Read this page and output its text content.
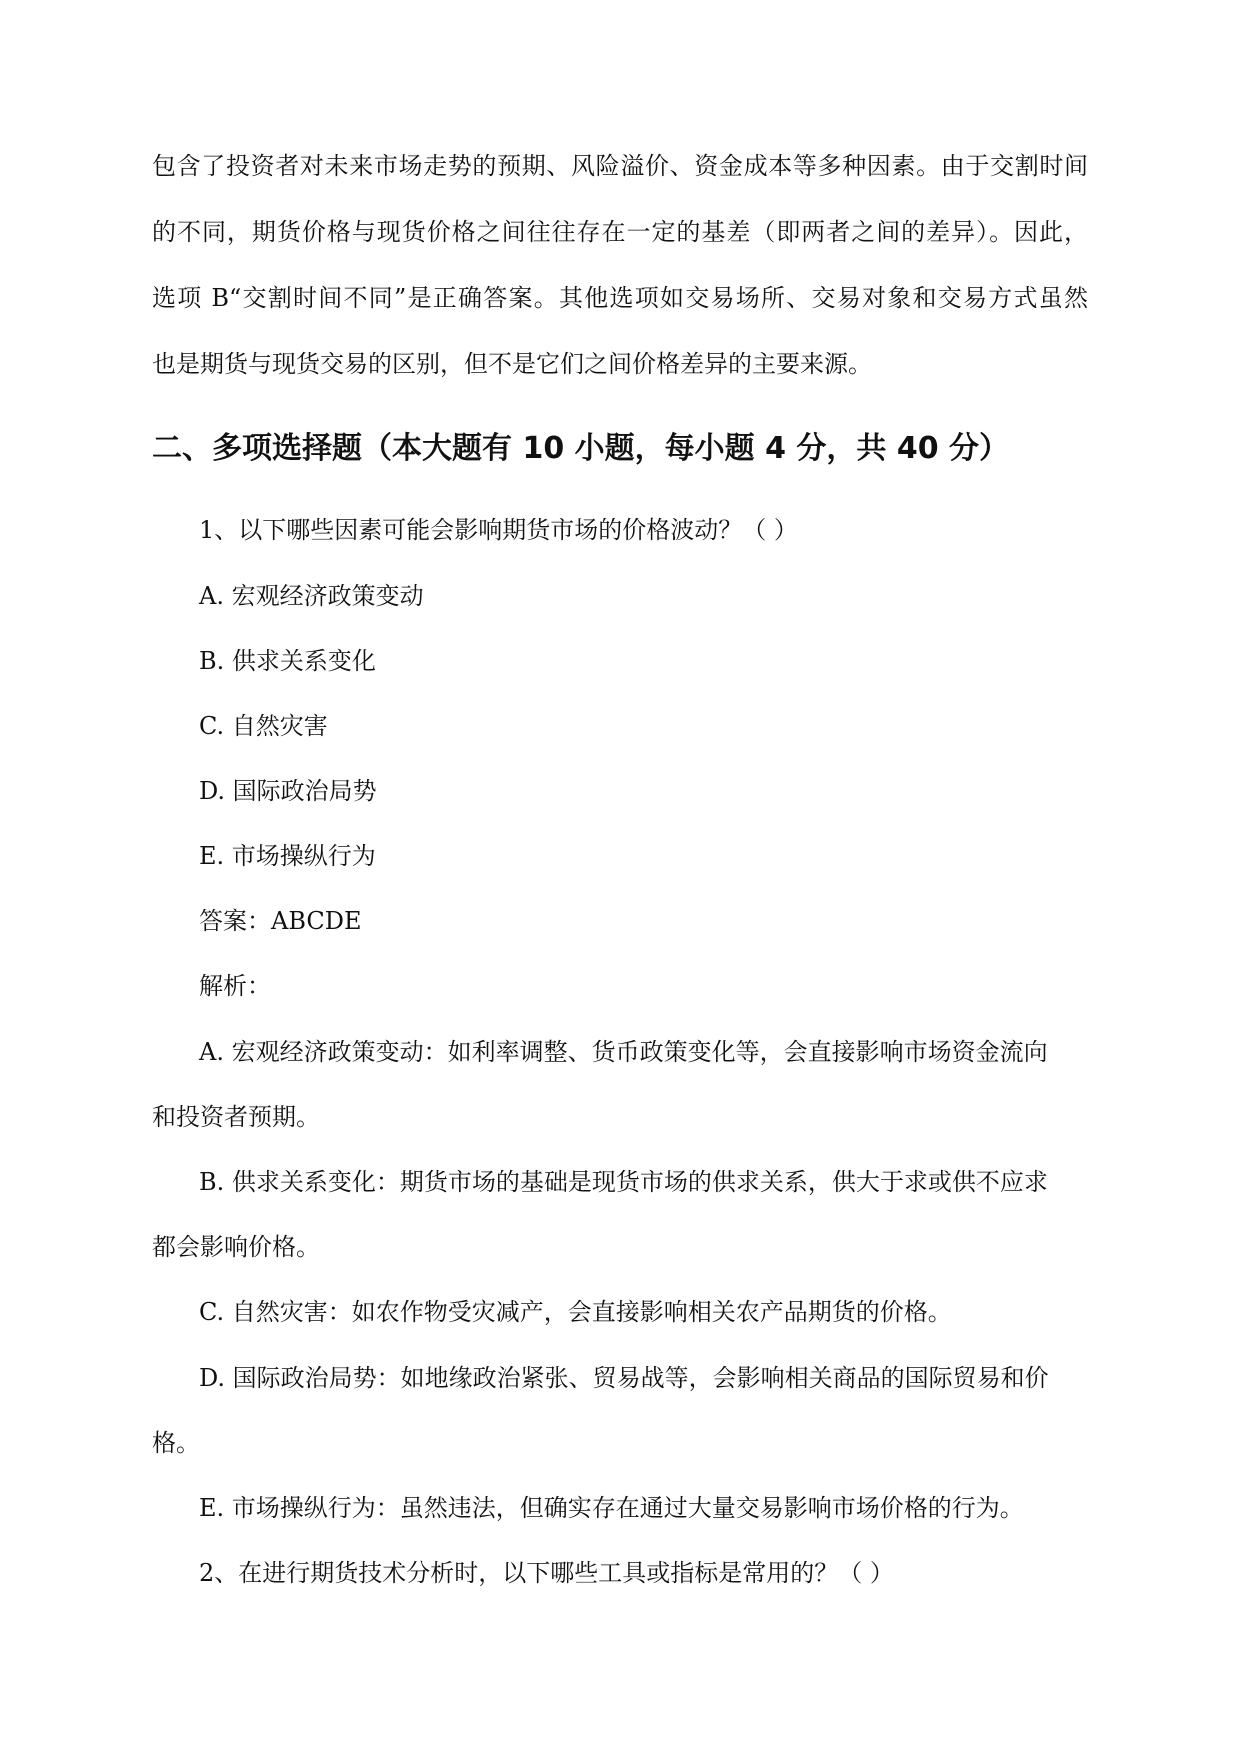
包含了投资者对未来市场走势的预期、风险溢价、资金成本等多种因素。由于交割时间

的不同，期货价格与现货价格之间往往存在一定的基差（即两者之间的差异）。因此，

选项 B“交割时间不同”是正确答案。其他选项如交易场所、交易对象和交易方式虽然

也是期货与现货交易的区别，但不是它们之间价格差异的主要来源。

二、多项选择题（本大题有 10 小题，每小题 4 分，共 40 分）

1、以下哪些因素可能会影响期货市场的价格波动？（ ）

A. 宏观经济政策变动

B. 供求关系变化

C. 自然灾害

D. 国际政治局势

E. 市场操纵行为

答案：ABCDE

解析：

A. 宏观经济政策变动：如利率调整、货币政策变化等，会直接影响市场资金流向

和投资者预期。

B. 供求关系变化：期货市场的基础是现货市场的供求关系，供大于求或供不应求

都会影响价格。

C. 自然灾害：如农作物受灾减产，会直接影响相关农产品期货的价格。

D. 国际政治局势：如地缘政治紧张、贸易战等，会影响相关商品的国际贸易和价

格。

E. 市场操纵行为：虽然违法，但确实存在通过大量交易影响市场价格的行为。

2、在进行期货技术分析时，以下哪些工具或指标是常用的？（ ）
